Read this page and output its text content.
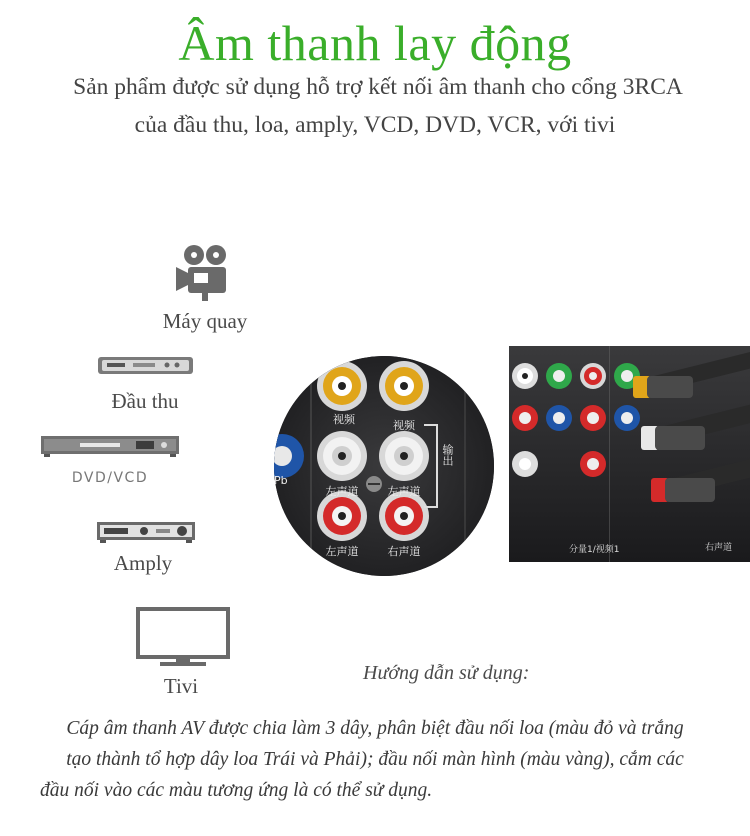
Âm thanh lay động
Sản phẩm được sử dụng hỗ trợ kết nối âm thanh cho cổng 3RCA
của đầu thu, loa, amply, VCD, DVD, VCR, với tivi
Máy quay
Đầu thu
DVD/VCD
Amply
Tivi
视频	视频
左声道	左声道
左声道	右声道
输出
Pb
分量1/视频1	右声道
Hướng dẫn sử dụng:
Cáp âm thanh AV được chia làm 3 dây, phân biệt đầu nối loa (màu đỏ và trắng
tạo thành tổ hợp dây loa Trái và Phải); đầu nối màn hình (màu vàng), cắm các
đầu nối vào các màu tương ứng là có thể sử dụng.
